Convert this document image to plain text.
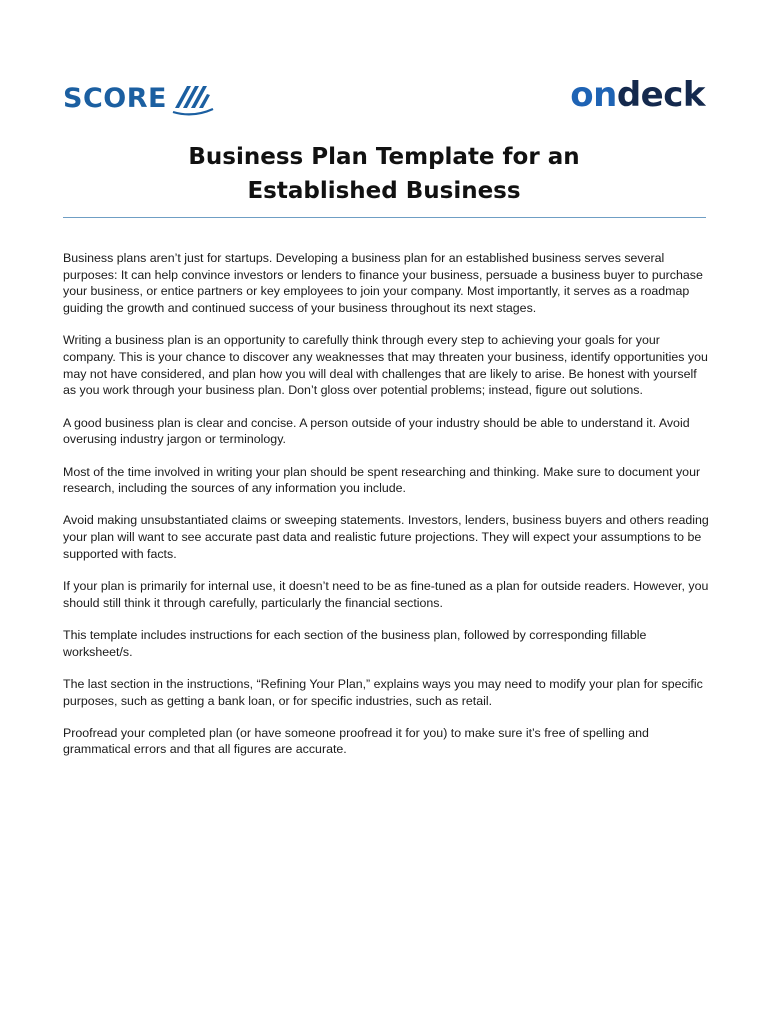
SCORE	ondeck
Business Plan Template for an
Established Business

Business plans aren’t just for startups. Developing a business plan for an established business serves several purposes: It can help convince investors or lenders to finance your business, persuade a business buyer to purchase your business, or entice partners or key employees to join your company. Most importantly, it serves as a roadmap guiding the growth and continued success of your business throughout its next stages.

Writing a business plan is an opportunity to carefully think through every step to achieving your goals for your company. This is your chance to discover any weaknesses that may threaten your business, identify opportunities you may not have considered, and plan how you will deal with challenges that are likely to arise. Be honest with yourself as you work through your business plan. Don’t gloss over potential problems; instead, figure out solutions.

A good business plan is clear and concise. A person outside of your industry should be able to understand it. Avoid overusing industry jargon or terminology.

Most of the time involved in writing your plan should be spent researching and thinking. Make sure to document your research, including the sources of any information you include.

Avoid making unsubstantiated claims or sweeping statements. Investors, lenders, business buyers and others reading your plan will want to see accurate past data and realistic future projections. They will expect your assumptions to be supported with facts.

If your plan is primarily for internal use, it doesn’t need to be as fine-tuned as a plan for outside readers. However, you should still think it through carefully, particularly the financial sections.

This template includes instructions for each section of the business plan, followed by corresponding fillable worksheet/s.

The last section in the instructions, “Refining Your Plan,” explains ways you may need to modify your plan for specific purposes, such as getting a bank loan, or for specific industries, such as retail.

Proofread your completed plan (or have someone proofread it for you) to make sure it’s free of spelling and grammatical errors and that all figures are accurate.
